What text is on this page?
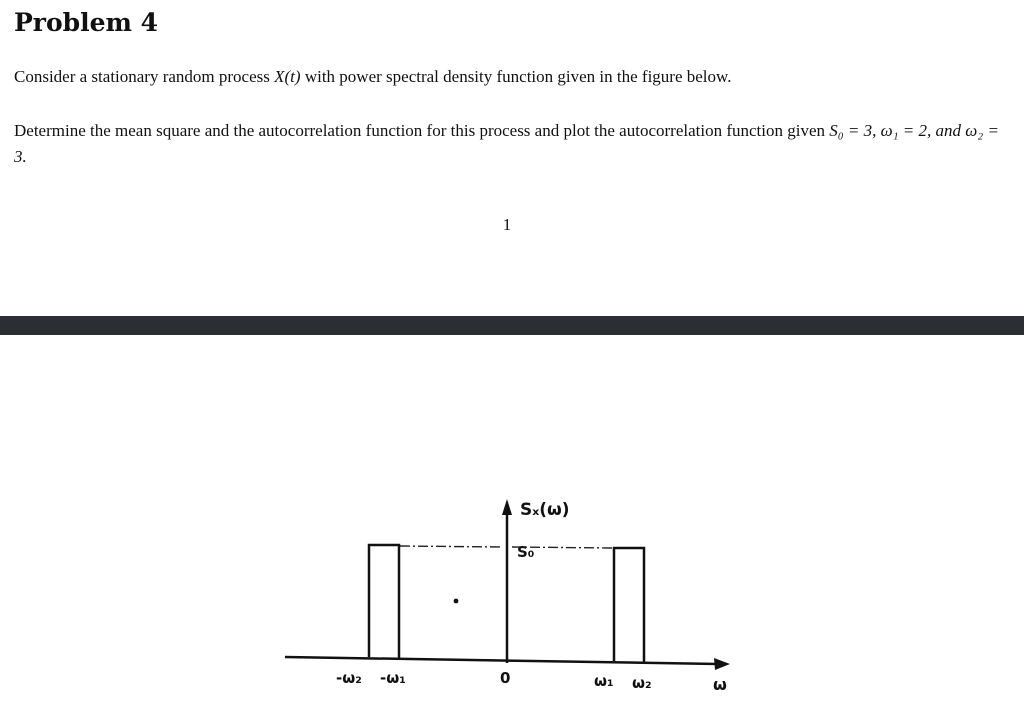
Problem 4

Consider a stationary random process X(t) with power spectral density function given in the figure below.

Determine the mean square and the autocorrelation function for this process and plot the autocorrelation function given S₀ = 3, ω₁ = 2, and ω₂ = 3.

1
Sₓ(ω)
S₀
0
-ω₂ -ω₁	ω₁ ω₂	ω
